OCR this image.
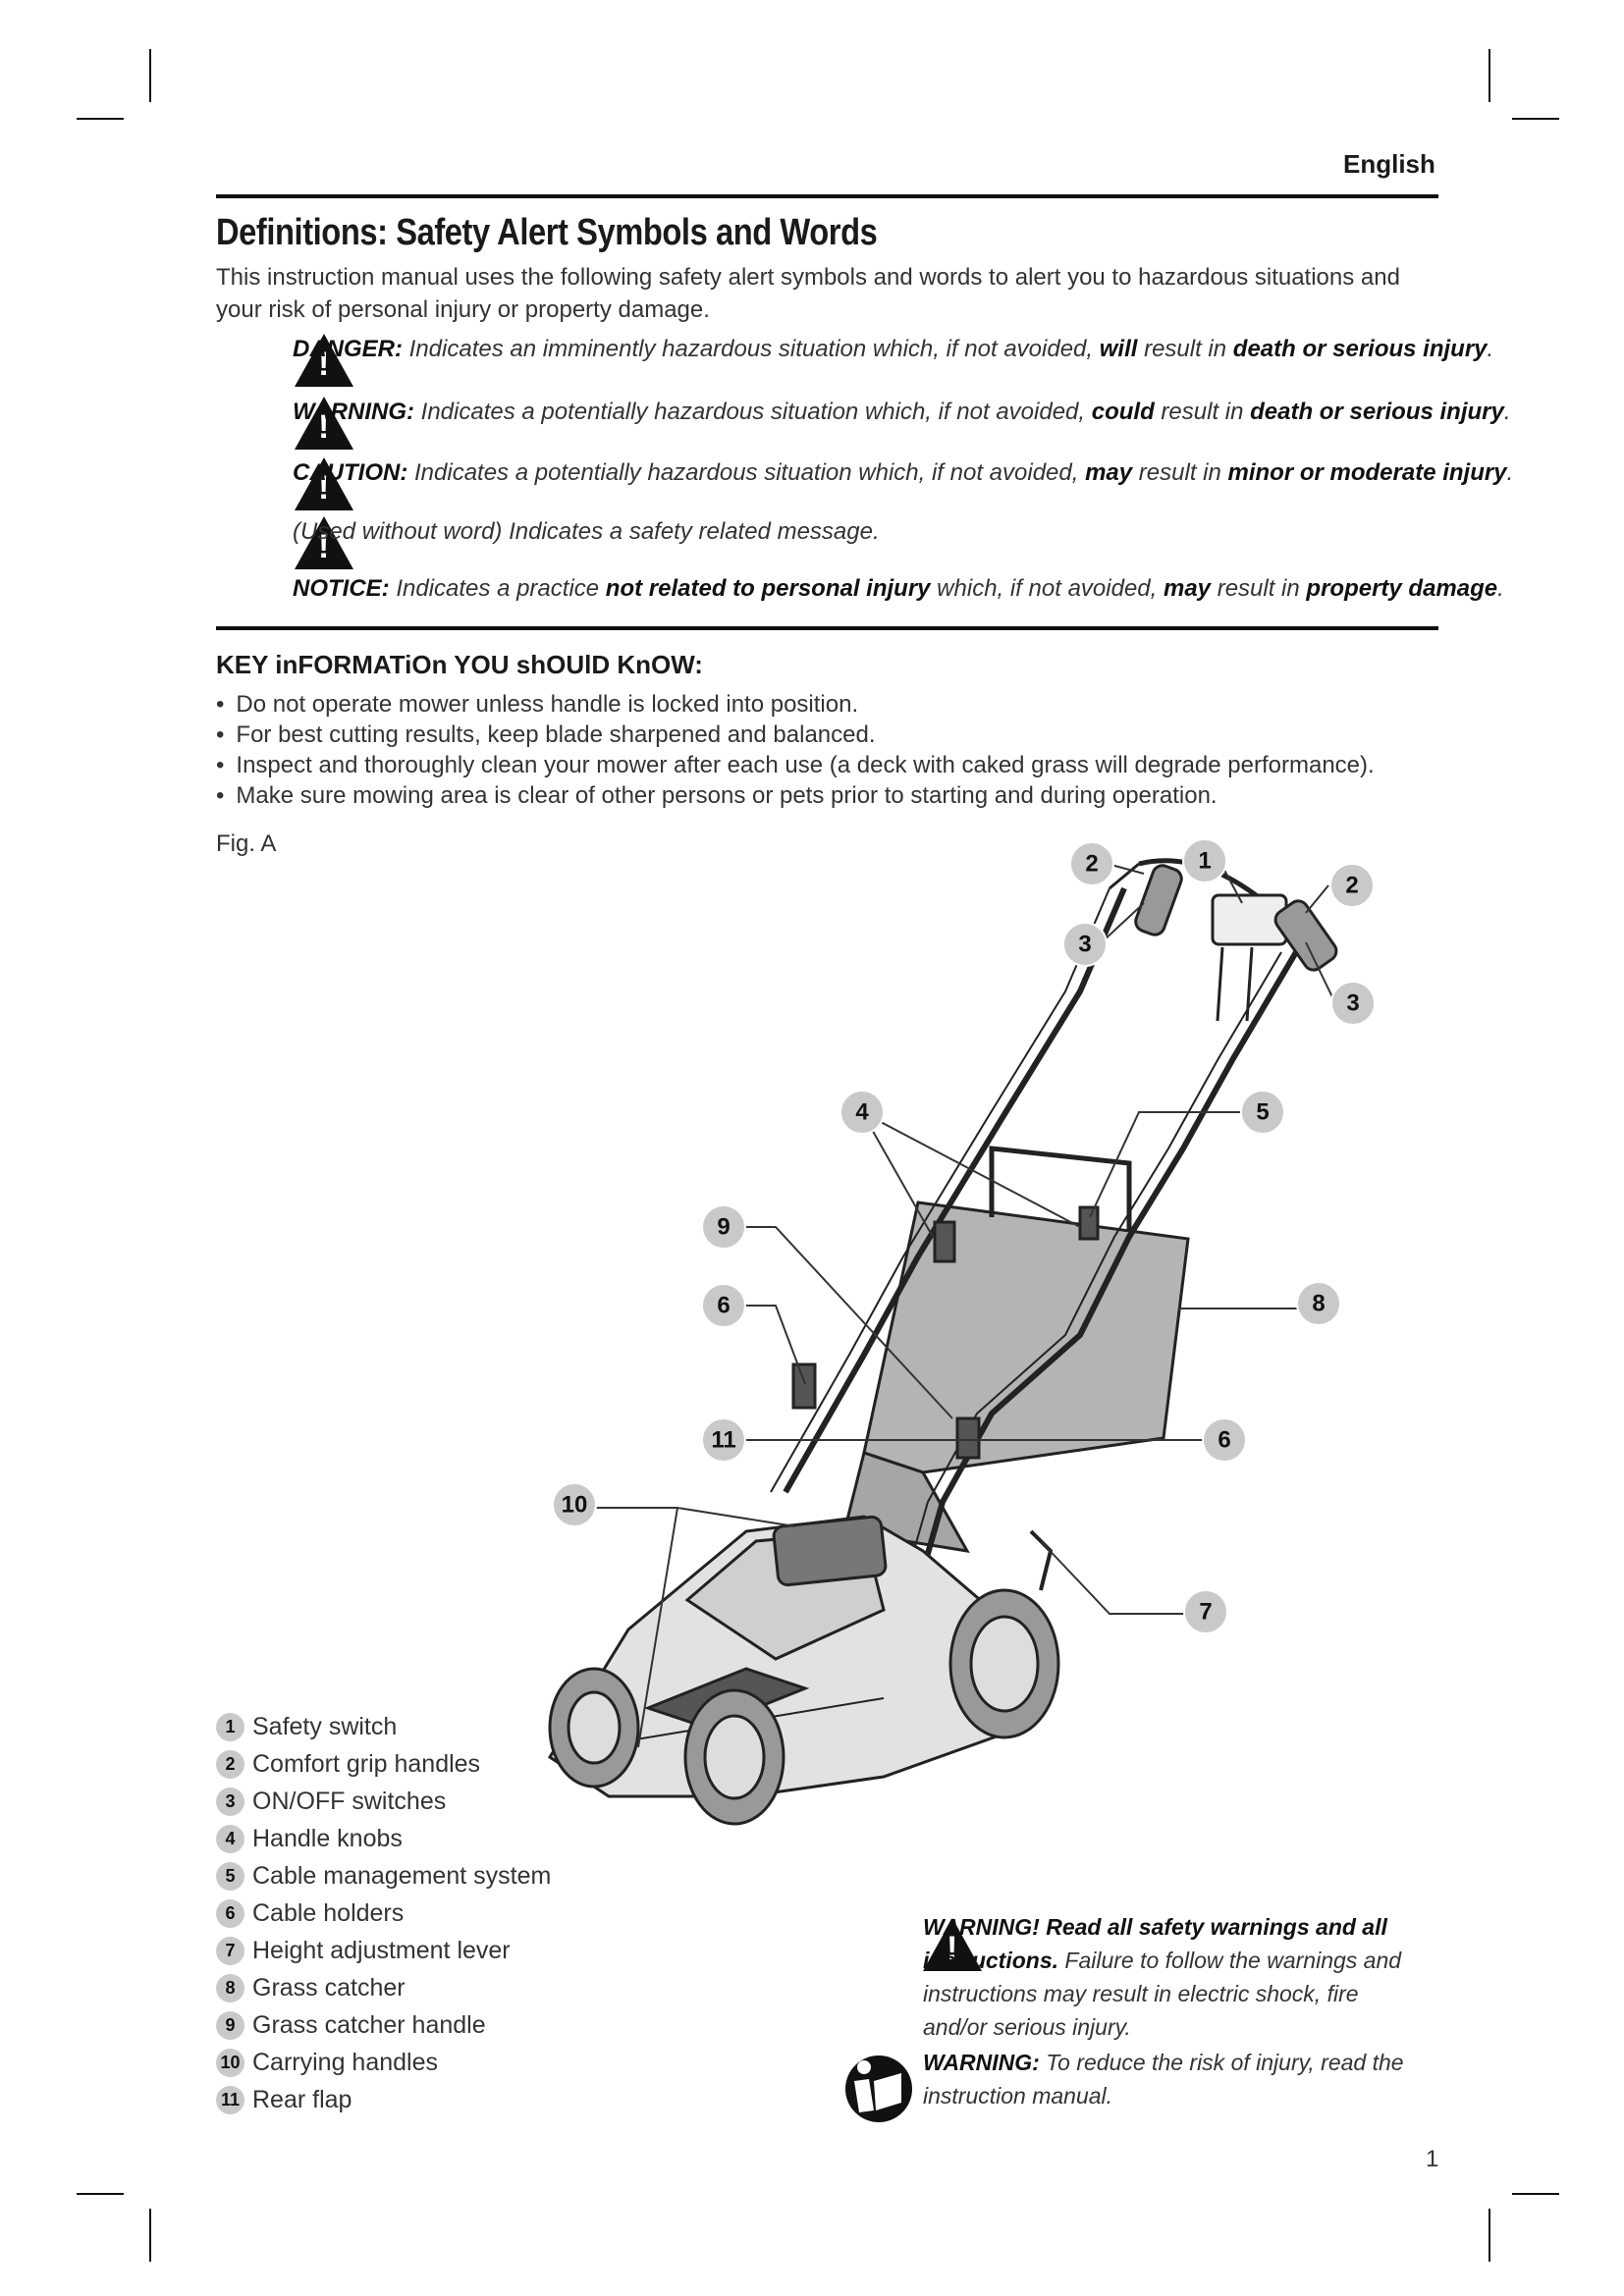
English
Definitions: Safety Alert Symbols and Words
This instruction manual uses the following safety alert symbols and words to alert you to hazardous situations and your risk of personal injury or property damage.
!
DANGER: Indicates an imminently hazardous situation which, if not avoided, will result in death or serious injury.
!
WARNING: Indicates a potentially hazardous situation which, if not avoided, could result in death or serious injury.
!
CAUTION: Indicates a potentially hazardous situation which, if not avoided, may result in minor or moderate injury.
!
(Used without word) Indicates a safety related message.
NOTICE: Indicates a practice not related to personal injury which, if not avoided, may result in property damage.
KEY inFORMATiOn YOU shOUlD KnOW:
• Do not operate mower unless handle is locked into position.
• For best cutting results, keep blade sharpened and balanced.
• Inspect and thoroughly clean your mower after each use (a deck with caked grass will degrade performance).
• Make sure mowing area is clear of other persons or pets prior to starting and during operation.
Fig. A
2	1
2
3
3
4	5
9
6	8
11	6
10
7
1 Safety switch
2 Comfort grip handles
3 ON/OFF switches
4 Handle knobs
5 Cable management system
6 Cable holders
7 Height adjustment lever
8 Grass catcher
9 Grass catcher handle
10 Carrying handles
11 Rear flap
!
WARNING! Read all safety warnings and all instructions. Failure to follow the warnings and instructions may result in electric shock, fire and/or serious injury.
WARNING: To reduce the risk of injury, read the instruction manual.
1
